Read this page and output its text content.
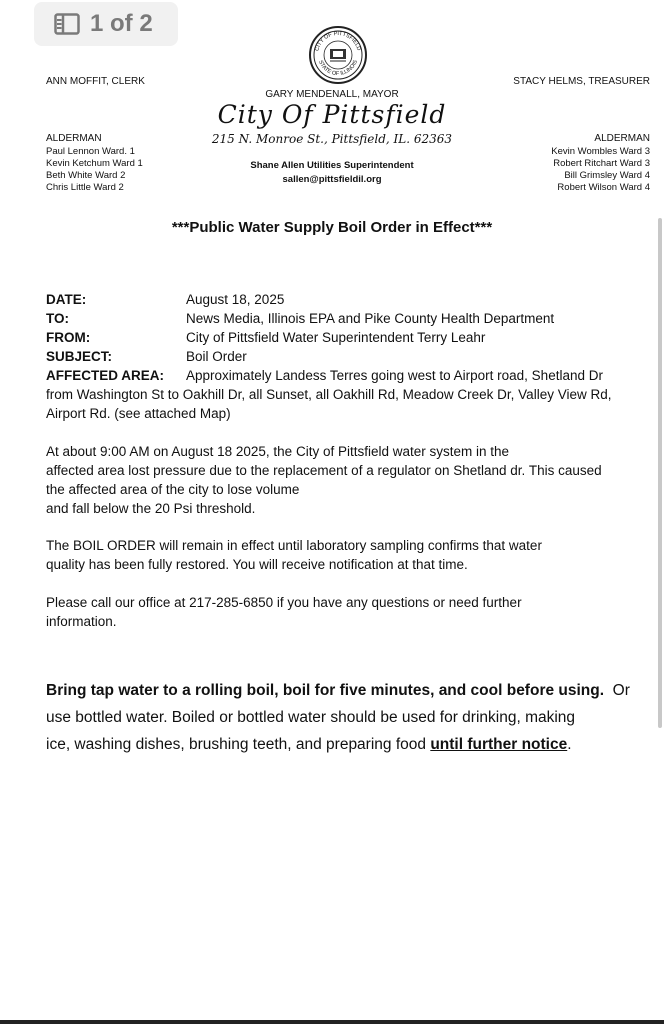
1 of 2
CITY OF PITTSFIELD
STATE OF ILLINOIS
ANN MOFFIT, CLERK	STACY HELMS, TREASURER
GARY MENDENALL, MAYOR
City Of Pittsfield
215 N. Monroe St., Pittsfield, IL. 62363
ALDERMAN	ALDERMAN
Paul Lennon Ward. 1
Kevin Ketchum Ward 1
Beth White Ward 2
Chris Little Ward 2
Kevin Wombles Ward 3
Robert Ritchart Ward 3
Bill Grimsley Ward 4
Robert Wilson Ward 4
Shane Allen Utilities Superintendent
sallen@pittsfieldil.org
***Public Water Supply Boil Order in Effect***
DATE:	August 18, 2025
TO:	News Media, Illinois EPA and Pike County Health Department
FROM:	City of Pittsfield Water Superintendent Terry Leahr
SUBJECT:	Boil Order
AFFECTED AREA: Approximately Landess Terres going west to Airport road, Shetland Dr
from Washington St to Oakhill Dr, all Sunset, all Oakhill Rd, Meadow Creek Dr, Valley View Rd,
Airport Rd. (see attached Map)
At about 9:00 AM on August 18 2025, the City of Pittsfield water system in the
affected area lost pressure due to the replacement of a regulator on Shetland dr. This caused
the affected area of the city to lose volume
and fall below the 20 Psi threshold.
The BOIL ORDER will remain in effect until laboratory sampling confirms that water
quality has been fully restored. You will receive notification at that time.
Please call our office at 217-285-6850 if you have any questions or need further
information.
Bring tap water to a rolling boil, boil for five minutes, and cool before using. Or
use bottled water. Boiled or bottled water should be used for drinking, making
ice, washing dishes, brushing teeth, and preparing food until further notice.
